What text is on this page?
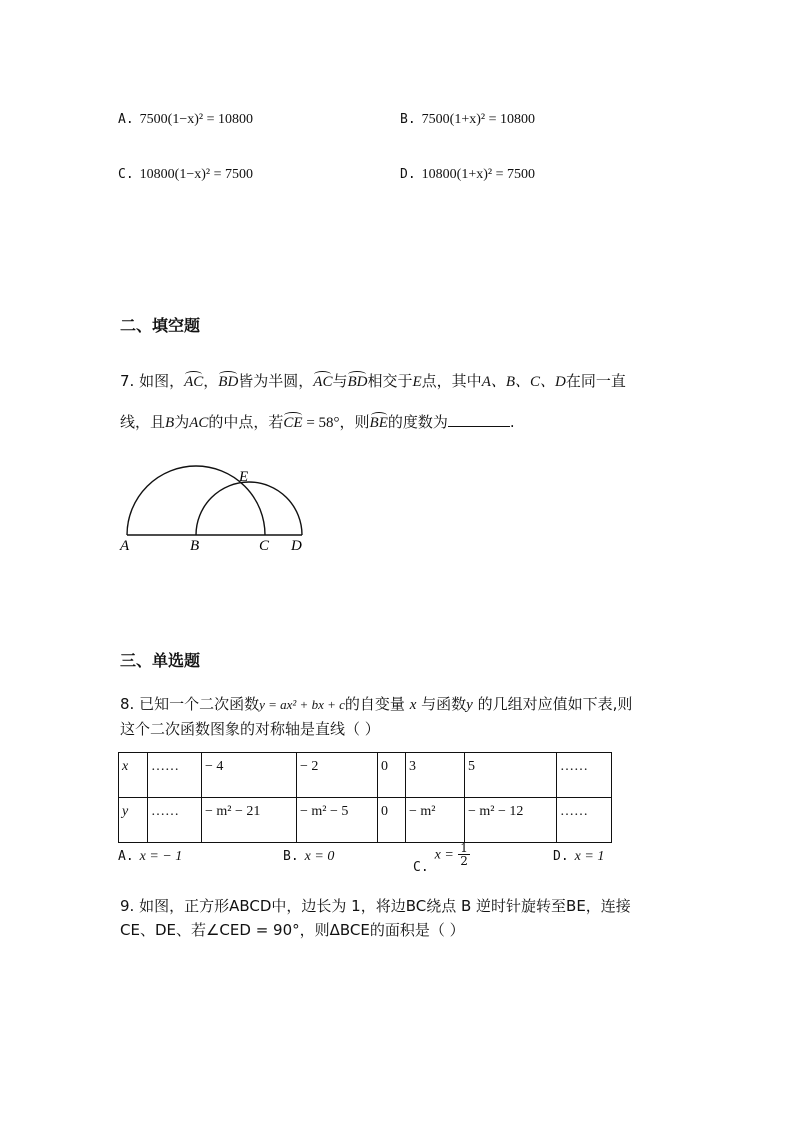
A. 7500(1−x)² = 10800	B. 7500(1+x)² = 10800
C. 10800(1−x)² = 7500	D. 10800(1+x)² = 7500
二、填空题
7. 如图，AC，BD皆为半圆，AC与BD相交于E点，其中A、B、C、D在同一直
线，且B为AC的中点，若CE = 58°，则BE的度数为	.
A	B	C D
E
三、单选题
8. 已知一个二次函数y = ax² + bx + c的自变量 x 与函数y 的几组对应值如下表,则
这个二次函数图象的对称轴是直线（ ）
x	……	− 4	− 2	0	3	5	……
y	……	− m² − 21	− m² − 5	0	− m²	− m² − 12	……
A. x = − 1	B. x = 0
$C.x = \frac{1}{2}$	D. x = 1
9. 如图，正方形ABCD中，边长为 1，将边BC绕点 B 逆时针旋转至BE，连接
CE、DE、若∠CED = 90°，则ΔBCE的面积是（ ）
